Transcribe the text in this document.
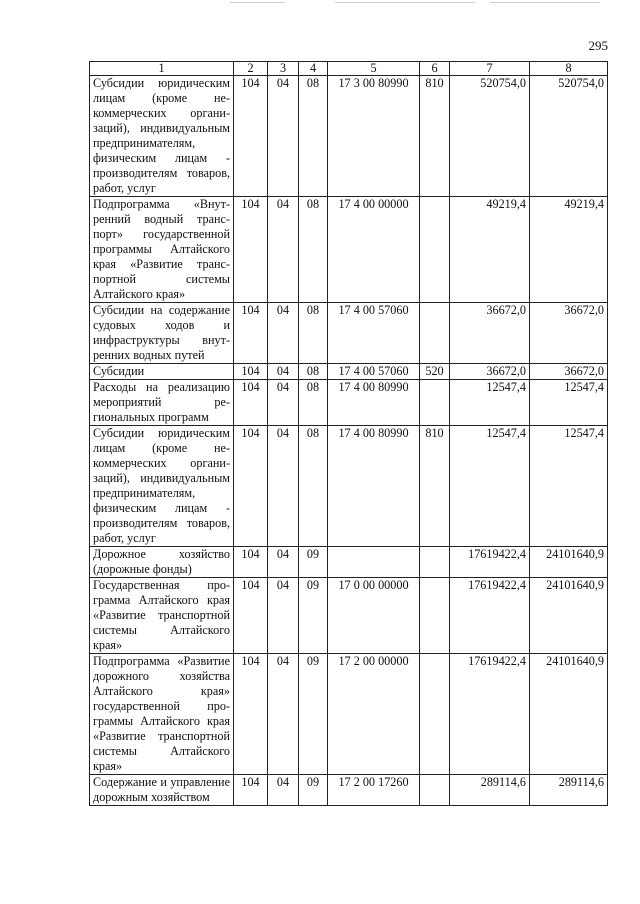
295
1	2	3	4	5	6	7	8
Субсидии юридическим лицам (кроме некоммерческих организаций), индивидуальным предпринимателям, физическим лицам - производителям товаров, работ, услуг	104	04	08	17 3 00 80990	810	520754,0	520754,0
Подпрограмма «Внутренний водный транспорт» государственной программы Алтайского края «Развитие транспортной системы Алтайского края»	104	04	08	17 4 00 00000		49219,4	49219,4
Субсидии на содержание судовых ходов и инфраструктуры внутренних водных путей	104	04	08	17 4 00 57060		36672,0	36672,0
Субсидии	104	04	08	17 4 00 57060	520	36672,0	36672,0
Расходы на реализацию мероприятий региональных программ	104	04	08	17 4 00 80990		12547,4	12547,4
Субсидии юридическим лицам (кроме некоммерческих организаций), индивидуальным предпринимателям, физическим лицам - производителям товаров, работ, услуг	104	04	08	17 4 00 80990	810	12547,4	12547,4
Дорожное хозяйство (дорожные фонды)	104	04	09			17619422,4	24101640,9
Государственная программа Алтайского края «Развитие транспортной системы Алтайского края»	104	04	09	17 0 00 00000		17619422,4	24101640,9
Подпрограмма «Развитие дорожного хозяйства Алтайского края» государственной программы Алтайского края «Развитие транспортной системы Алтайского края»	104	04	09	17 2 00 00000		17619422,4	24101640,9
Содержание и управление дорожным хозяйством	104	04	09	17 2 00 17260		289114,6	289114,6
